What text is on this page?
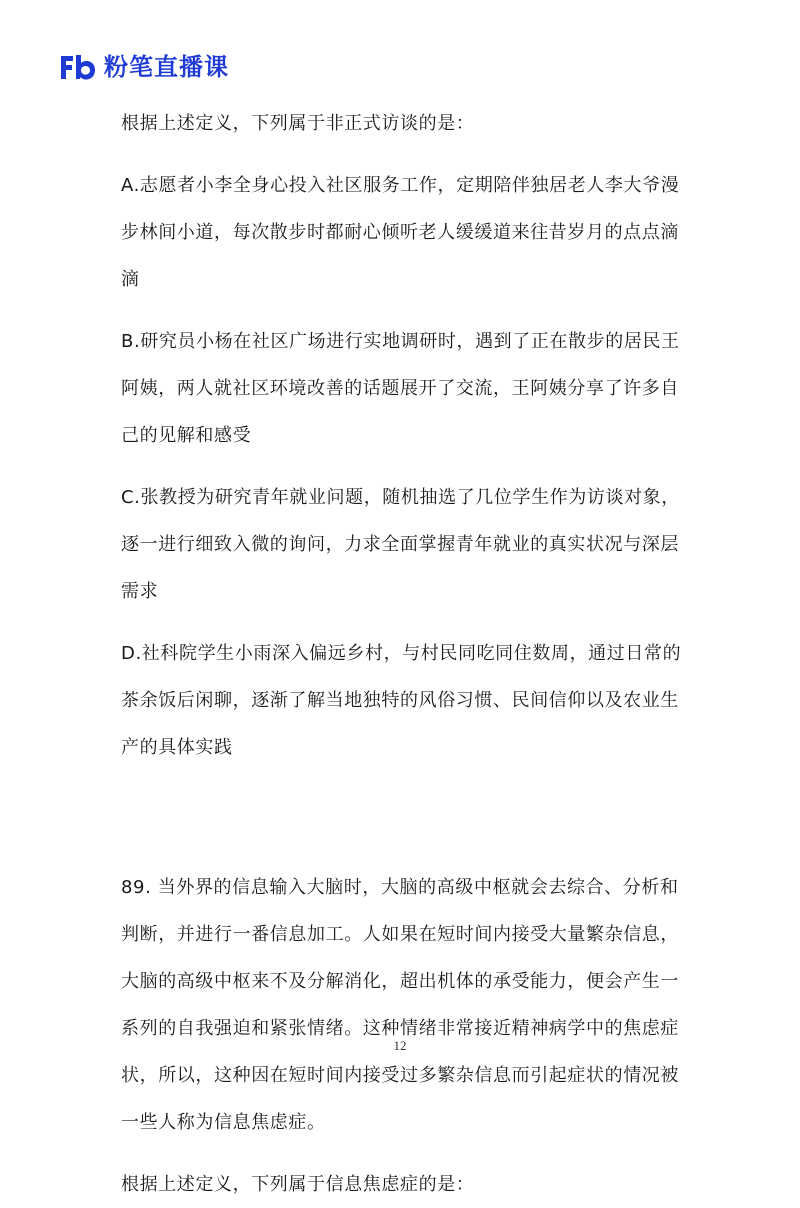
粉笔直播课

根据上述定义，下列属于非正式访谈的是：

A.志愿者小李全身心投入社区服务工作，定期陪伴独居老人李大爷漫步林间小道，每次散步时都耐心倾听老人缓缓道来往昔岁月的点点滴滴

B.研究员小杨在社区广场进行实地调研时，遇到了正在散步的居民王阿姨，两人就社区环境改善的话题展开了交流，王阿姨分享了许多自己的见解和感受

C.张教授为研究青年就业问题，随机抽选了几位学生作为访谈对象，逐一进行细致入微的询问，力求全面掌握青年就业的真实状况与深层需求

D.社科院学生小雨深入偏远乡村，与村民同吃同住数周，通过日常的茶余饭后闲聊，逐渐了解当地独特的风俗习惯、民间信仰以及农业生产的具体实践

89. 当外界的信息输入大脑时，大脑的高级中枢就会去综合、分析和判断，并进行一番信息加工。人如果在短时间内接受大量繁杂信息，大脑的高级中枢来不及分解消化，超出机体的承受能力，便会产生一系列的自我强迫和紧张情绪。这种情绪非常接近精神病学中的焦虑症状，所以，这种因在短时间内接受过多繁杂信息而引起症状的情况被一些人称为信息焦虑症。

根据上述定义，下列属于信息焦虑症的是：

12
